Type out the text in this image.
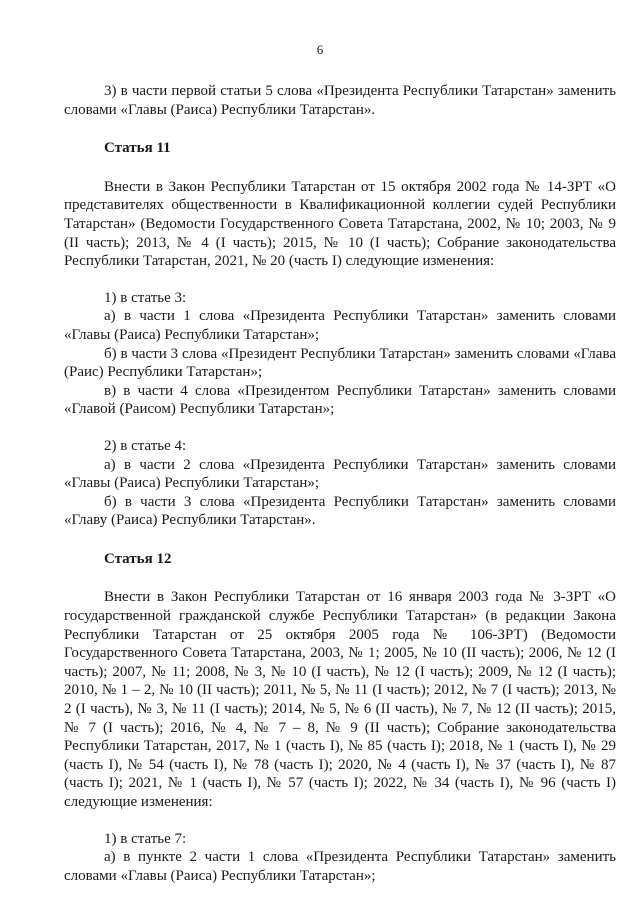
6

3) в части первой статьи 5 слова «Президента Республики Татарстан» заменить словами «Главы (Раиса) Республики Татарстан».

Статья 11

Внести в Закон Республики Татарстан от 15 октября 2002 года № 14-ЗРТ «О представителях общественности в Квалификационной коллегии судей Республики Татарстан» (Ведомости Государственного Совета Татарстана, 2002, № 10; 2003, № 9 (II часть); 2013, № 4 (I часть); 2015, № 10 (I часть); Собрание законодательства Республики Татарстан, 2021, № 20 (часть I) следующие изменения:

1) в статье 3:

а) в части 1 слова «Президента Республики Татарстан» заменить словами «Главы (Раиса) Республики Татарстан»;

б) в части 3 слова «Президент Республики Татарстан» заменить словами «Глава (Раис) Республики Татарстан»;

в) в части 4 слова «Президентом Республики Татарстан» заменить словами «Главой (Раисом) Республики Татарстан»;

2) в статье 4:

а) в части 2 слова «Президента Республики Татарстан» заменить словами «Главы (Раиса) Республики Татарстан»;

б) в части 3 слова «Президента Республики Татарстан» заменить словами «Главу (Раиса) Республики Татарстан».

Статья 12

Внести в Закон Республики Татарстан от 16 января 2003 года № 3-ЗРТ «О государственной гражданской службе Республики Татарстан» (в редакции Закона Республики Татарстан от 25 октября 2005 года № 106-ЗРТ) (Ведомости Государственного Совета Татарстана, 2003, № 1; 2005, № 10 (II часть); 2006, № 12 (I часть); 2007, № 11; 2008, № 3, № 10 (I часть), № 12 (I часть); 2009, № 12 (I часть); 2010, № 1 – 2, № 10 (II часть); 2011, № 5, № 11 (I часть); 2012, № 7 (I часть); 2013, № 2 (I часть), № 3, № 11 (I часть); 2014, № 5, № 6 (II часть), № 7, № 12 (II часть); 2015, № 7 (I часть); 2016, № 4, № 7 – 8, № 9 (II часть); Собрание законодательства Республики Татарстан, 2017, № 1 (часть I), № 85 (часть I); 2018, № 1 (часть I), № 29 (часть I), № 54 (часть I), № 78 (часть I); 2020, № 4 (часть I), № 37 (часть I), № 87 (часть I); 2021, № 1 (часть I), № 57 (часть I); 2022, № 34 (часть I), № 96 (часть I) следующие изменения:

1) в статье 7:

а) в пункте 2 части 1 слова «Президента Республики Татарстан» заменить словами «Главы (Раиса) Республики Татарстан»;
